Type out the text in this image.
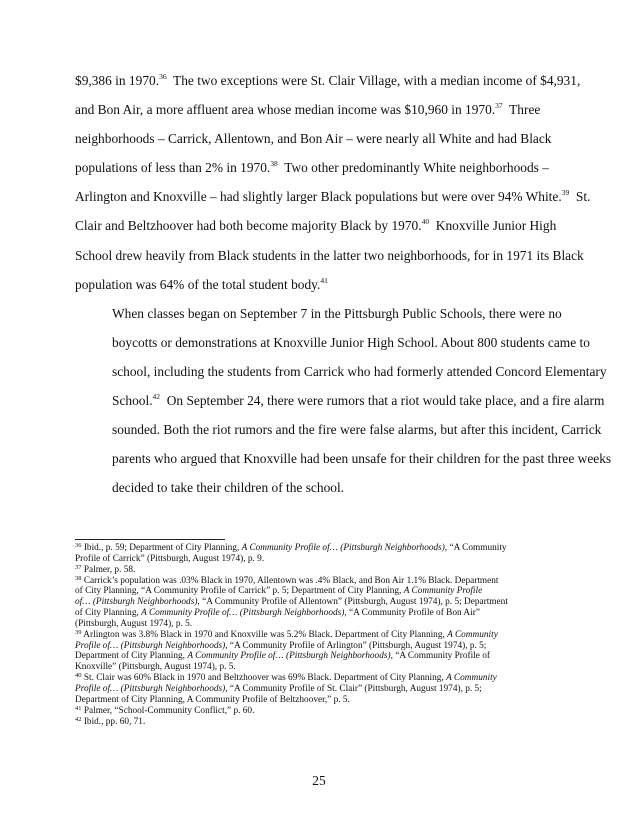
$9,386 in 1970.36  The two exceptions were St. Clair Village, with a median income of $4,931,
and Bon Air, a more affluent area whose median income was $10,960 in 1970.37  Three
neighborhoods – Carrick, Allentown, and Bon Air – were nearly all White and had Black
populations of less than 2% in 1970.38  Two other predominantly White neighborhoods –
Arlington and Knoxville – had slightly larger Black populations but were over 94% White.$^{39}$  St.
Clair and Beltzhoover had both become majority Black by 1970.40  Knoxville Junior High
School drew heavily from Black students in the latter two neighborhoods, for in 1971 its Black
population was 64% of the total student body.$^{41}$

When classes began on September 7 in the Pittsburgh Public Schools, there were no
boycotts or demonstrations at Knoxville Junior High School. About 800 students came to
school, including the students from Carrick who had formerly attended Concord Elementary
School.$^{42}$  On September 24, there were rumors that a riot would take place, and a fire alarm
sounded. Both the riot rumors and the fire were false alarms, but after this incident, Carrick
parents who argued that Knoxville had been unsafe for their children for the past three weeks
decided to take their children of the school.

$^{36}$ Ibid., p. 59; Department of City Planning, A Community Profile of… (Pittsburgh Neighborhoods), “A Community
Profile of Carrick” (Pittsburgh, August 1974), p. 9.
$^{37}$ Palmer, p. 58.
$^{38}$ Carrick’s population was .03% Black in 1970, Allentown was .4% Black, and Bon Air 1.1% Black. Department
of City Planning, “A Community Profile of Carrick” p. 5; Department of City Planning, A Community Profile
of… (Pittsburgh Neighborhoods), “A Community Profile of Allentown” (Pittsburgh, August 1974), p. 5; Department
of City Planning, A Community Profile of… (Pittsburgh Neighborhoods), “A Community Profile of Bon Air”
(Pittsburgh, August 1974), p. 5.
$^{39}$ Arlington was 3.8% Black in 1970 and Knoxville was 5.2% Black. Department of City Planning, A Community
Profile of… (Pittsburgh Neighborhoods), “A Community Profile of Arlington” (Pittsburgh, August 1974), p. 5;
Department of City Planning, A Community Profile of… (Pittsburgh Neighborhoods), “A Community Profile of
Knoxville” (Pittsburgh, August 1974), p. 5.
$^{40}$ St. Clair was 60% Black in 1970 and Beltzhoover was 69% Black. Department of City Planning, A Community
Profile of… (Pittsburgh Neighborhoods), “A Community Profile of St. Clair” (Pittsburgh, August 1974), p. 5;
Department of City Planning, A Community Profile of Beltzhoover,” p. 5.
$^{41}$ Palmer, “School-Community Conflict,” p. 60.
$^{42}$ Ibid., pp. 60, 71.
25
